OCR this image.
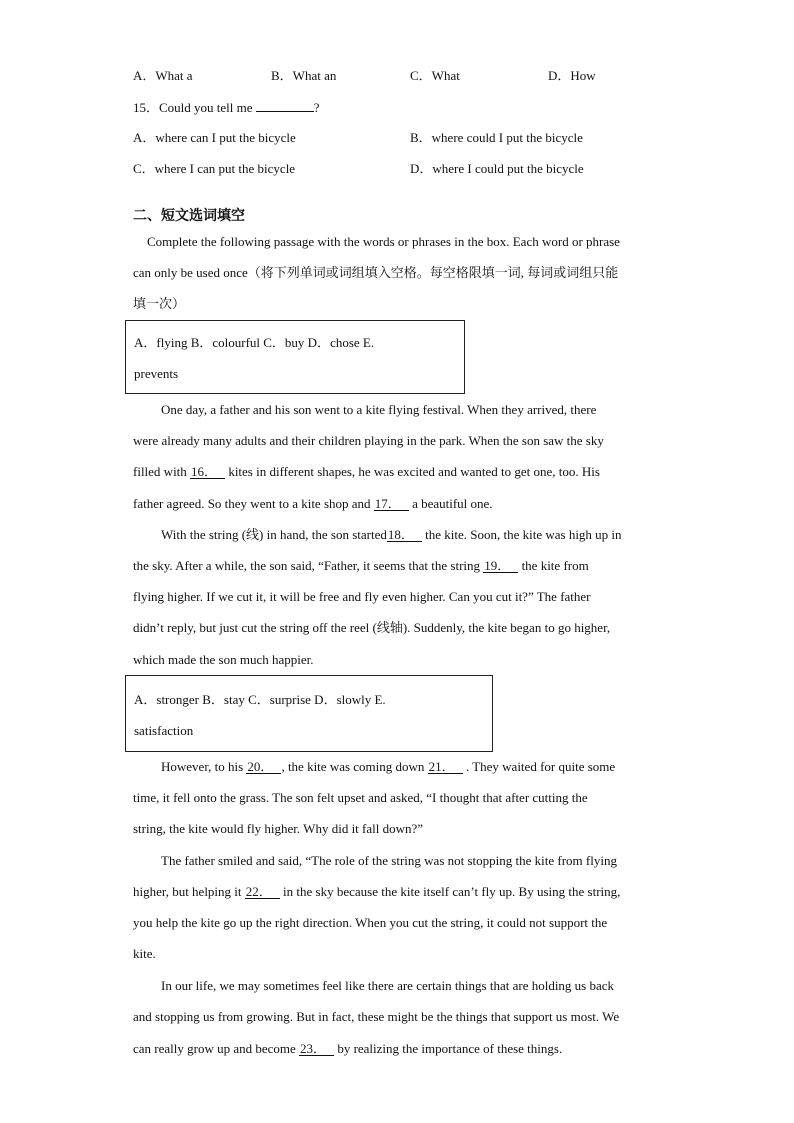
A．What a	B．What an	C．What	D．How
15．Could you tell me	?
A．where can I put the bicycle	B．where could I put the bicycle
C．where I can put the bicycle	D．where I could put the bicycle
二、短文选词填空
Complete the following passage with the words or phrases in the box. Each word or phrase
can only be used once（将下列单词或词组填入空格。每空格限填一词, 每词或词组只能
填一次）
A．flying B．colourful C．buy D．chose E.
prevents
One day, a father and his son went to a kite flying festival. When they arrived, there
were already many adults and their children playing in the park. When the son saw the sky
filled with 16． kites in different shapes, he was excited and wanted to get one, too. His
father agreed. So they went to a kite shop and 17． a beautiful one.
With the string (线) in hand, the son started18． the kite. Soon, the kite was high up in
the sky. After a while, the son said, “Father, it seems that the string 19． the kite from
flying higher. If we cut it, it will be free and fly even higher. Can you cut it?” The father
didn’t reply, but just cut the string off the reel (线轴). Suddenly, the kite began to go higher,
which made the son much happier.
A．stronger B．stay C．surprise D．slowly E.
satisfaction
However, to his 20． , the kite was coming down 21． . They waited for quite some
time, it fell onto the grass. The son felt upset and asked, “I thought that after cutting the
string, the kite would fly higher. Why did it fall down?”
The father smiled and said, “The role of the string was not stopping the kite from flying
higher, but helping it 22． in the sky because the kite itself can’t fly up. By using the string,
you help the kite go up the right direction. When you cut the string, it could not support the
kite.
In our life, we may sometimes feel like there are certain things that are holding us back
and stopping us from growing. But in fact, these might be the things that support us most. We
can really grow up and become 23． by realizing the importance of these things.
